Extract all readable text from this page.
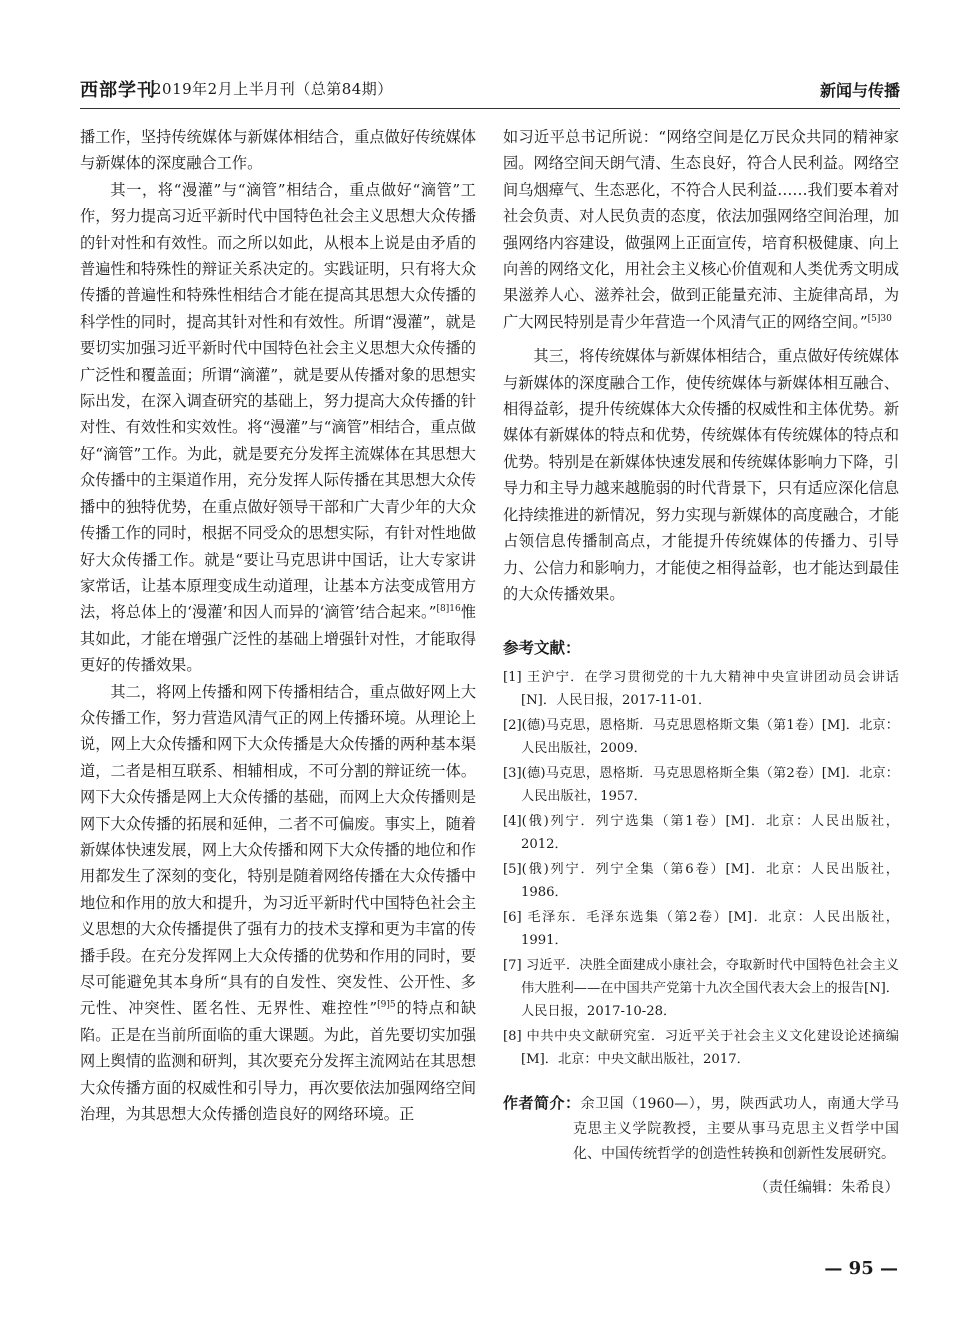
西部学刊
2019年2月上半月刊（总第84期）	新闻与传播

播工作，坚持传统媒体与新媒体相结合，重点做好传统媒体与新媒体的深度融合工作。

其一，将“漫灌”与“滴管”相结合，重点做好“滴管”工作，努力提高习近平新时代中国特色社会主义思想大众传播的针对性和有效性。而之所以如此，从根本上说是由矛盾的普遍性和特殊性的辩证关系决定的。实践证明，只有将大众传播的普遍性和特殊性相结合才能在提高其思想大众传播的科学性的同时，提高其针对性和有效性。所谓“漫灌”，就是要切实加强习近平新时代中国特色社会主义思想大众传播的广泛性和覆盖面；所谓“滴灌”，就是要从传播对象的思想实际出发，在深入调查研究的基础上，努力提高大众传播的针对性、有效性和实效性。将“漫灌”与“滴管”相结合，重点做好“滴管”工作。为此，就是要充分发挥主流媒体在其思想大众传播中的主渠道作用，充分发挥人际传播在其思想大众传播中的独特优势，在重点做好领导干部和广大青少年的大众传播工作的同时，根据不同受众的思想实际，有针对性地做好大众传播工作。就是“要让马克思讲中国话，让大专家讲家常话，让基本原理变成生动道理，让基本方法变成管用方法，将总体上的‘漫灌’和因人而异的‘滴管’结合起来。”$^{[8]16}$惟其如此，才能在增强广泛性的基础上增强针对性，才能取得更好的传播效果。

其二，将网上传播和网下传播相结合，重点做好网上大众传播工作，努力营造风清气正的网上传播环境。从理论上说，网上大众传播和网下大众传播是大众传播的两种基本渠道，二者是相互联系、相辅相成，不可分割的辩证统一体。网下大众传播是网上大众传播的基础，而网上大众传播则是网下大众传播的拓展和延伸，二者不可偏废。事实上，随着新媒体快速发展，网上大众传播和网下大众传播的地位和作用都发生了深刻的变化，特别是随着网络传播在大众传播中地位和作用的放大和提升，为习近平新时代中国特色社会主义思想的大众传播提供了强有力的技术支撑和更为丰富的传播手段。在充分发挥网上大众传播的优势和作用的同时，要尽可能避免其本身所“具有的自发性、突发性、公开性、多元性、冲突性、匿名性、无界性、难控性”$^{[9]5}$的特点和缺陷。正是在当前所面临的重大课题。为此，首先要切实加强网上舆情的监测和研判，其次要充分发挥主流网站在其思想大众传播方面的权威性和引导力，再次要依法加强网络空间治理，为其思想大众传播创造良好的网络环境。正

如习近平总书记所说：“网络空间是亿万民众共同的精神家园。网络空间天朗气清、生态良好，符合人民利益。网络空间乌烟瘴气、生态恶化，不符合人民利益……我们要本着对社会负责、对人民负责的态度，依法加强网络空间治理，加强网络内容建设，做强网上正面宣传，培育积极健康、向上向善的网络文化，用社会主义核心价值观和人类优秀文明成果滋养人心、滋养社会，做到正能量充沛、主旋律高昂，为广大网民特别是青少年营造一个风清气正的网络空间。”$^{[5]30}$

其三，将传统媒体与新媒体相结合，重点做好传统媒体与新媒体的深度融合工作，使传统媒体与新媒体相互融合、相得益彰，提升传统媒体大众传播的权威性和主体优势。新媒体有新媒体的特点和优势，传统媒体有传统媒体的特点和优势。特别是在新媒体快速发展和传统媒体影响力下降，引导力和主导力越来越脆弱的时代背景下，只有适应深化信息化持续推进的新情况，努力实现与新媒体的高度融合，才能占领信息传播制高点，才能提升传统媒体的传播力、引导力、公信力和影响力，才能使之相得益彰，也才能达到最佳的大众传播效果。

参考文献：

[1] 王沪宁．在学习贯彻党的十九大精神中央宣讲团动员会讲话[N]．人民日报，2017-11-01．
[2](德)马克思，恩格斯．马克思恩格斯文集（第1卷）[M]．北京：人民出版社，2009．
[3](德)马克思，恩格斯．马克思恩格斯全集（第2卷）[M]．北京：人民出版社，1957．
[4](俄)列宁．列宁选集（第1卷）[M]．北京：人民出版社，2012．
[5](俄)列宁．列宁全集（第6卷）[M]．北京：人民出版社，1986．
[6] 毛泽东．毛泽东选集（第2卷）[M]．北京：人民出版社，1991．
[7] 习近平．决胜全面建成小康社会，夺取新时代中国特色社会主义伟大胜利——在中国共产党第十九次全国代表大会上的报告[N]．人民日报，2017-10-28．
[8] 中共中央文献研究室．习近平关于社会主义文化建设论述摘编[M]．北京：中央文献出版社，2017．

作者简介：余卫国（1960—），男，陕西武功人，南通大学马克思主义学院教授，主要从事马克思主义哲学中国化、中国传统哲学的创造性转换和创新性发展研究。

（责任编辑：朱希良）

— 95 —
